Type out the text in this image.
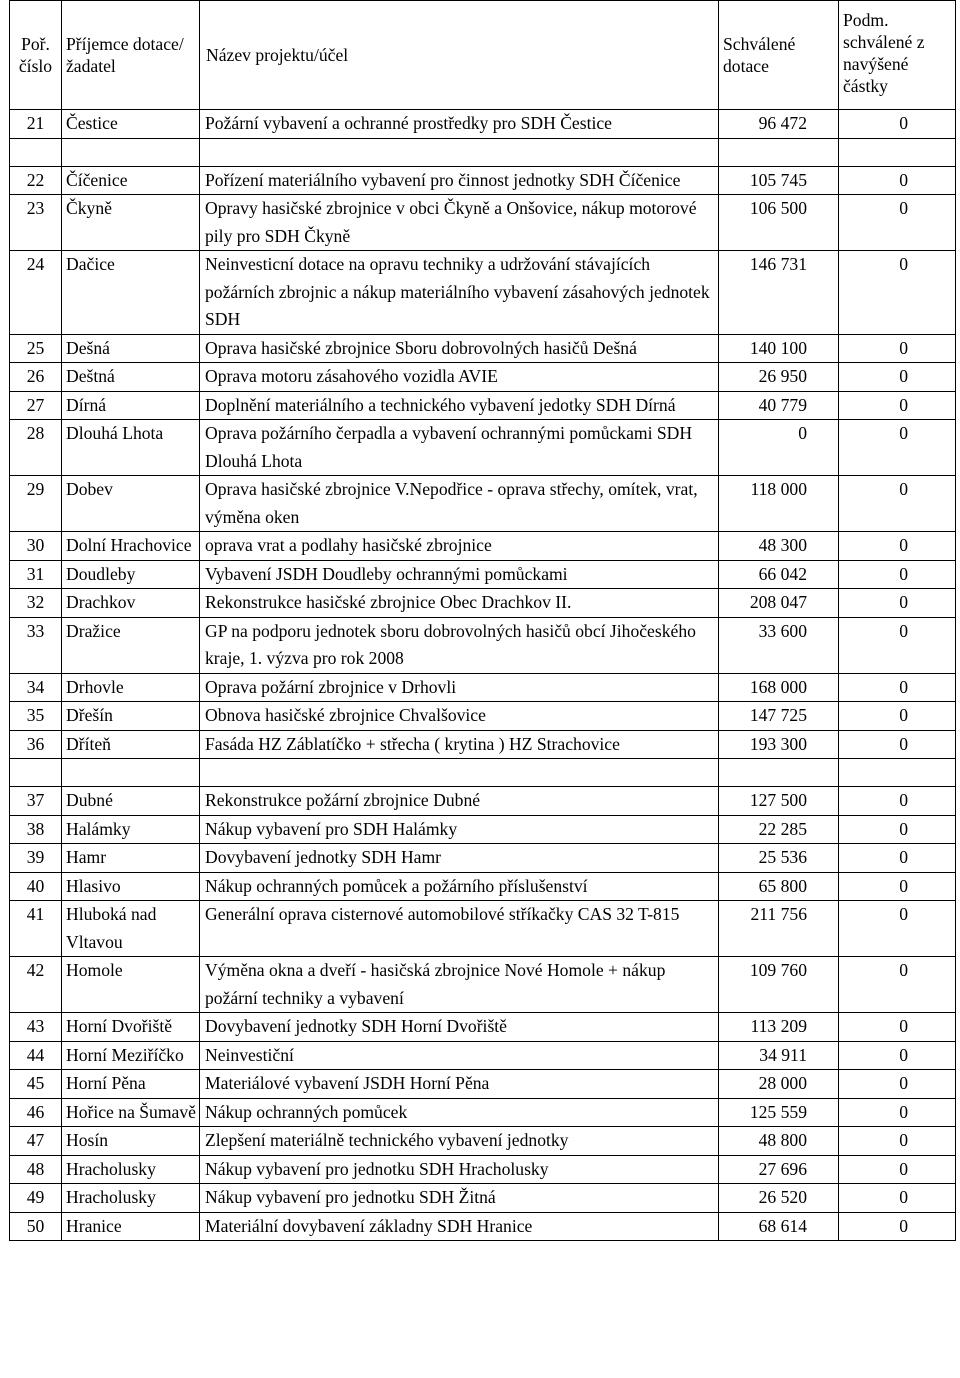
Poř. číslo	Příjemce dotace/ žadatel	Název projektu/účel	Schválené dotace	Podm. schválené z navýšené částky

21	Čestice	Požární vybavení a ochranné prostředky pro SDH Čestice	96 472	0

22	Číčenice	Pořízení materiálního vybavení pro činnost jednotky SDH Číčenice	105 745	0
23	Čkyně	Opravy hasičské zbrojnice v obci Čkyně a Onšovice, nákup motorové pily pro SDH Čkyně	106 500	0
24	Dačice	Neinvesticní dotace na opravu techniky a udržování stávajících požárních zbrojnic a nákup materiálního vybavení zásahových jednotek SDH	146 731	0
25	Dešná	Oprava hasičské zbrojnice Sboru dobrovolných hasičů Dešná	140 100	0
26	Deštná	Oprava motoru zásahového vozidla AVIE	26 950	0
27	Dírná	Doplnění materiálního a technického vybavení jedotky SDH Dírná	40 779	0
28	Dlouhá Lhota	Oprava požárního čerpadla a vybavení ochrannými pomůckami SDH Dlouhá Lhota	0	0
29	Dobev	Oprava hasičské zbrojnice V.Nepodřice - oprava střechy, omítek, vrat, výměna oken	118 000	0
30	Dolní Hrachovice	oprava vrat a podlahy hasičské zbrojnice	48 300	0
31	Doudleby	Vybavení JSDH Doudleby ochrannými pomůckami	66 042	0
32	Drachkov	Rekonstrukce hasičské zbrojnice Obec Drachkov II.	208 047	0
33	Dražice	GP na podporu jednotek sboru dobrovolných hasičů obcí Jihočeského kraje, 1. výzva pro rok 2008	33 600	0
34	Drhovle	Oprava požární zbrojnice v Drhovli	168 000	0
35	Dřešín	Obnova hasičské zbrojnice Chvalšovice	147 725	0
36	Dříteň	Fasáda HZ Záblatíčko + střecha ( krytina ) HZ Strachovice	193 300	0

37	Dubné	Rekonstrukce požární zbrojnice Dubné	127 500	0
38	Halámky	Nákup vybavení pro SDH Halámky	22 285	0
39	Hamr	Dovybavení jednotky SDH Hamr	25 536	0
40	Hlasivo	Nákup ochranných pomůcek a požárního příslušenství	65 800	0
41	Hluboká nad Vltavou	Generální oprava cisternové automobilové stříkačky CAS 32 T-815	211 756	0
42	Homole	Výměna okna a dveří - hasičská zbrojnice Nové Homole + nákup požární techniky a vybavení	109 760	0
43	Horní Dvořiště	Dovybavení jednotky SDH Horní Dvořiště	113 209	0
44	Horní Meziříčko	Neinvestiční	34 911	0
45	Horní Pěna	Materiálové vybavení JSDH Horní Pěna	28 000	0
46	Hořice na Šumavě	Nákup ochranných pomůcek	125 559	0
47	Hosín	Zlepšení materiálně technického vybavení jednotky	48 800	0
48	Hracholusky	Nákup vybavení pro jednotku SDH Hracholusky	27 696	0
49	Hracholusky	Nákup vybavení pro jednotku SDH Žitná	26 520	0
50	Hranice	Materiální dovybavení základny SDH Hranice	68 614	0
